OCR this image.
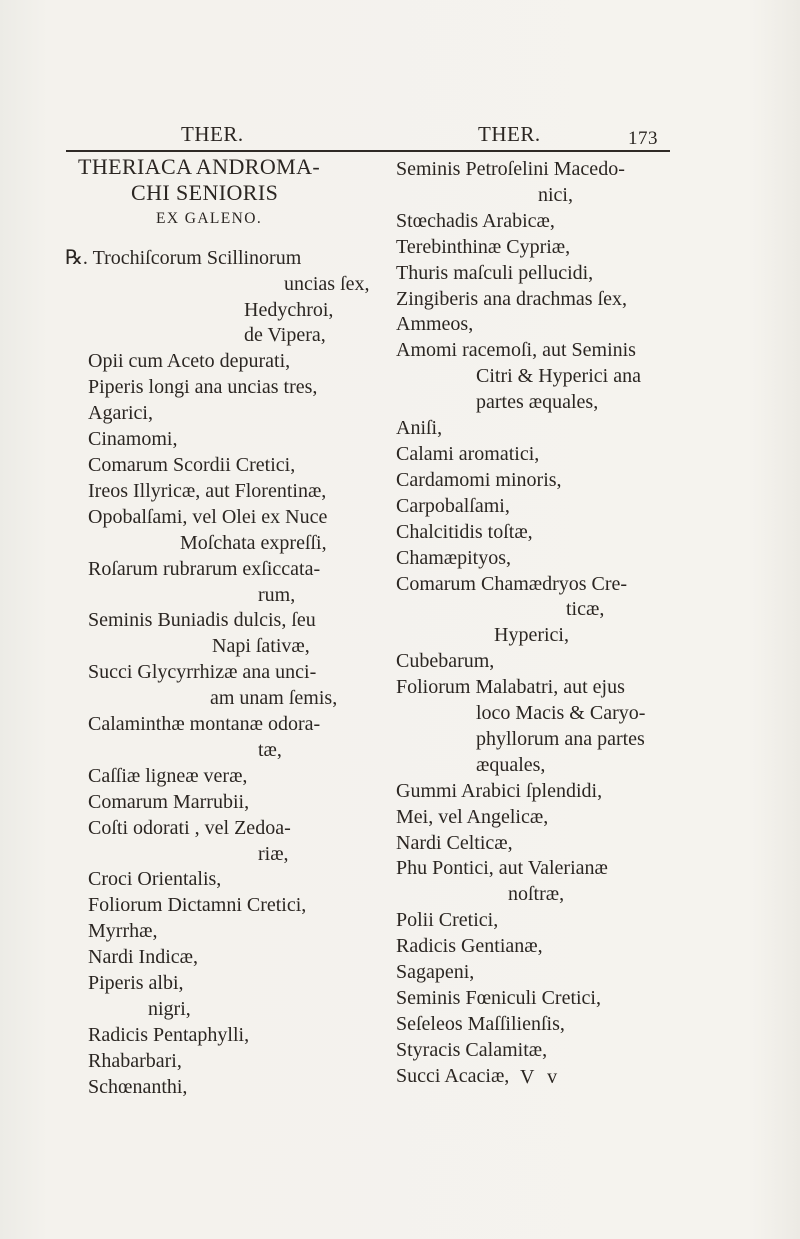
THER.	THER.	173
THERIACA ANDROMA-
CHI SENIORIS
EX GALENO.
℞. Trochiſcorum Scillinorum
uncias ſex,
Hedychroi,
de Vipera,
Opii cum Aceto depurati,
Piperis longi ana uncias tres,
Agarici,
Cinamomi,
Comarum Scordii Cretici,
Ireos Illyricæ, aut Florentinæ,
Opobalſami, vel Olei ex Nuce
Moſchata expreſſi,
Roſarum rubrarum exſiccata-
rum,
Seminis Buniadis dulcis, ſeu
Napi ſativæ,
Succi Glycyrrhizæ ana unci-
am unam ſemis,
Calaminthæ montanæ odora-
tæ,
Caſſiæ ligneæ veræ,
Comarum Marrubii,
Coſti odorati , vel Zedoa-
riæ,
Croci Orientalis,
Foliorum Dictamni Cretici,
Myrrhæ,
Nardi Indicæ,
Piperis albi,
nigri,
Radicis Pentaphylli,
Rhabarbari,
Schœnanthi,
Seminis Petroſelini Macedo-
nici,
Stœchadis Arabicæ,
Terebinthinæ Cypriæ,
Thuris maſculi pellucidi,
Zingiberis ana drachmas ſex,
Ammeos,
Amomi racemoſi, aut Seminis
Citri & Hyperici ana
partes æquales,
Aniſi,
Calami aromatici,
Cardamomi minoris,
Carpobalſami,
Chalcitidis toſtæ,
Chamæpityos,
Comarum Chamædryos Cre-
ticæ,
Hyperici,
Cubebarum,
Foliorum Malabatri, aut ejus
loco Macis & Caryo-
phyllorum ana partes
æquales,
Gummi Arabici ſplendidi,
Mei, vel Angelicæ,
Nardi Celticæ,
Phu Pontici, aut Valerianæ
noſtræ,
Polii Cretici,
Radicis Gentianæ,
Sagapeni,
Seminis Fœniculi Cretici,
Seſeleos Maſſilienſis,
Styracis Calamitæ,
Succi Acaciæ, V v
